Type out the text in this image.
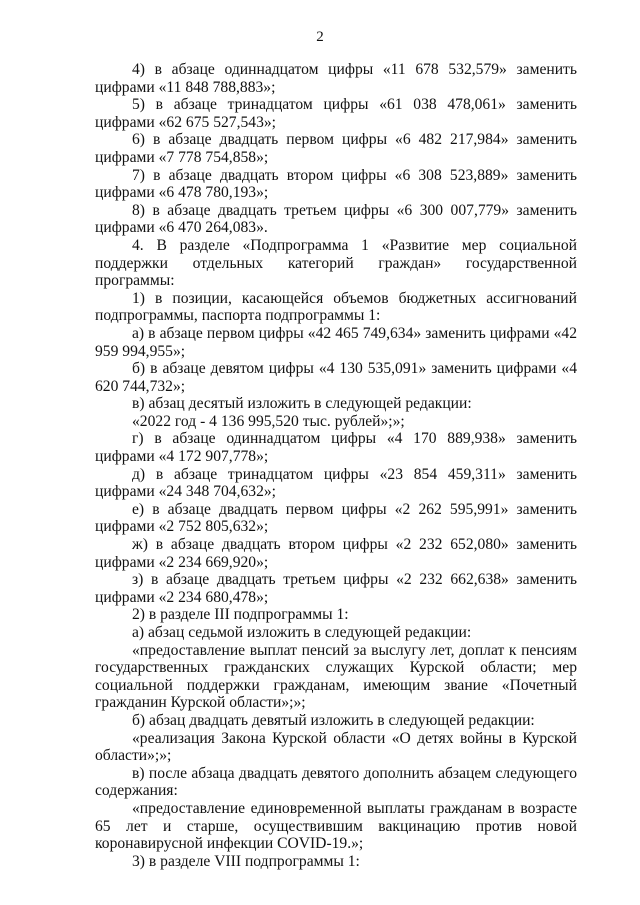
2

4) в абзаце одиннадцатом цифры «11 678 532,579» заменить цифрами «11 848 788,883»;

5) в абзаце тринадцатом цифры «61 038 478,061» заменить цифрами «62 675 527,543»;

6) в абзаце двадцать первом цифры «6 482 217,984» заменить цифрами «7 778 754,858»;

7) в абзаце двадцать втором цифры «6 308 523,889» заменить цифрами «6 478 780,193»;

8) в абзаце двадцать третьем цифры «6 300 007,779» заменить цифрами «6 470 264,083».

4. В разделе «Подпрограмма 1 «Развитие мер социальной поддержки отдельных категорий граждан» государственной программы:

1) в позиции, касающейся объемов бюджетных ассигнований подпрограммы, паспорта подпрограммы 1:

а) в абзаце первом цифры «42 465 749,634» заменить цифрами «42 959 994,955»;

б) в абзаце девятом цифры «4 130 535,091» заменить цифрами «4 620 744,732»;

в) абзац десятый изложить в следующей редакции:

«2022 год - 4 136 995,520 тыс. рублей»;»;

г) в абзаце одиннадцатом цифры «4 170 889,938» заменить цифрами «4 172 907,778»;

д) в абзаце тринадцатом цифры «23 854 459,311» заменить цифрами «24 348 704,632»;

е) в абзаце двадцать первом цифры «2 262 595,991» заменить цифрами «2 752 805,632»;

ж) в абзаце двадцать втором цифры «2 232 652,080» заменить цифрами «2 234 669,920»;

з) в абзаце двадцать третьем цифры «2 232 662,638» заменить цифрами «2 234 680,478»;

2) в разделе III подпрограммы 1:

а) абзац седьмой изложить в следующей редакции:

«предоставление выплат пенсий за выслугу лет, доплат к пенсиям государственных гражданских служащих Курской области; мер социальной поддержки гражданам, имеющим звание «Почетный гражданин Курской области»;»;

б) абзац двадцать девятый изложить в следующей редакции:

«реализация Закона Курской области «О детях войны в Курской области»;»;

в) после абзаца двадцать девятого дополнить абзацем следующего содержания:

«предоставление единовременной выплаты гражданам в возрасте 65 лет и старше, осуществившим вакцинацию против новой коронавирусной инфекции COVID-19.»;

3) в разделе VIII подпрограммы 1:
